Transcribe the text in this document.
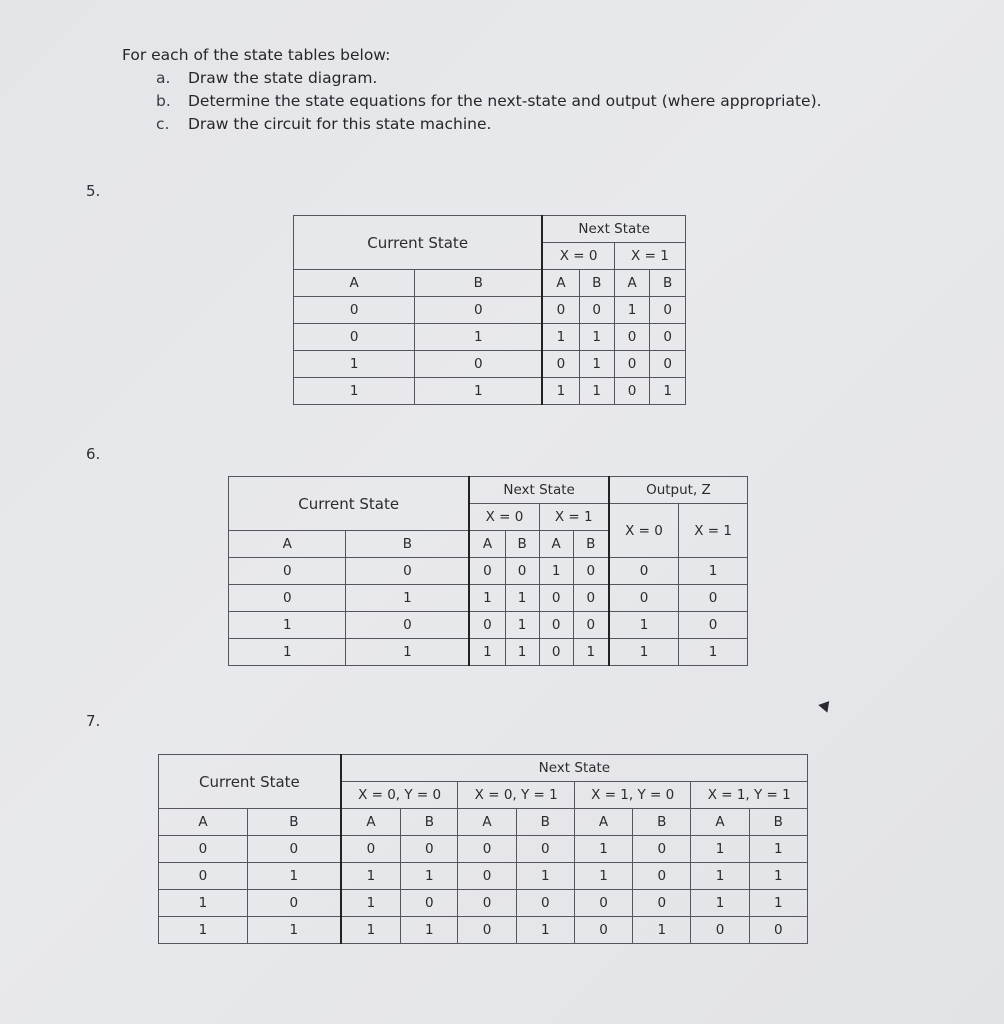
For each of the state tables below:
a. Draw the state diagram.
b. Determine the state equations for the next-state and output (where appropriate).
c. Draw the circuit for this state machine.
5.
Current State		Next State			
		X = 0		X = 1	
A	B	A	B	A	B
0	0	0	0	1	0
0	1	1	1	0	0
1	0	0	1	0	0
1	1	1	1	0	1
6.
Current State		Next State				Output, Z	
		X = 0		X = 1		X = 0	X = 1
A	B	A	B	A	B		
0	0	0	0	1	0	0	1
0	1	1	1	0	0	0	0
1	0	0	1	0	0	1	0
1	1	1	1	0	1	1	1
7.
Current State		Next State							
		X = 0, Y = 0		X = 0, Y = 1		X = 1, Y = 0		X = 1, Y = 1	
A	B	A	B	A	B	A	B	A	B
0	0	0	0	0	0	1	0	1	1
0	1	1	1	0	1	1	0	1	1
1	0	1	0	0	0	0	0	1	1
1	1	1	1	0	1	0	1	0	0
